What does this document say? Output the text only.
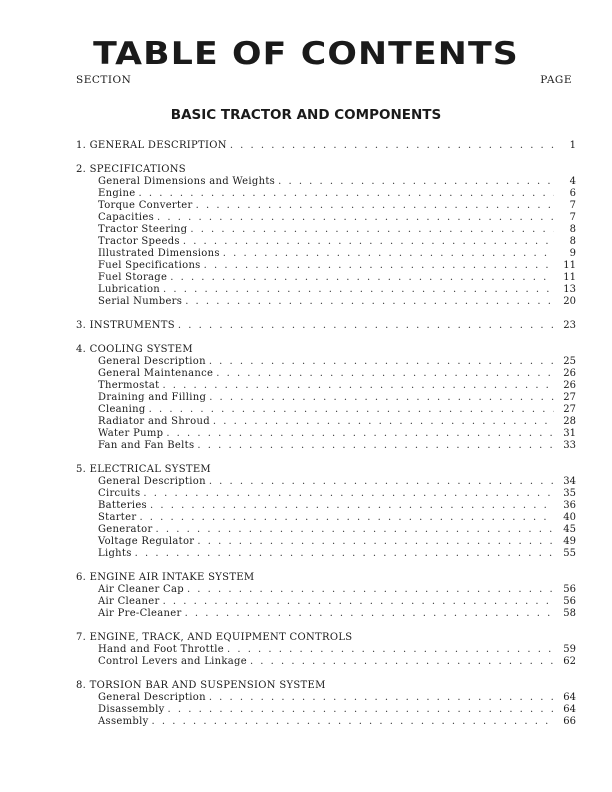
TABLE OF CONTENTS
SECTION	PAGE
BASIC TRACTOR AND COMPONENTS
1. GENERAL DESCRIPTION . . .	1
2. SPECIFICATIONS
General Dimensions and Weights . . .	4
Engine . . .	6
Torque Converter . . .	7
Capacities . . .	7
Tractor Steering . . .	8
Tractor Speeds . . .	8
Illustrated Dimensions . . .	9
Fuel Specifications . . .	11
Fuel Storage . . .	11
Lubrication . . .	13
Serial Numbers . . .	20
3. INSTRUMENTS . . .	23
4. COOLING SYSTEM
General Description . . .	25
General Maintenance . . .	26
Thermostat . . .	26
Draining and Filling . . .	27
Cleaning . . .	27
Radiator and Shroud . . .	28
Water Pump . . .	31
Fan and Fan Belts . . .	33
5. ELECTRICAL SYSTEM
General Description . . .	34
Circuits . . .	35
Batteries . . .	36
Starter . . .	40
Generator . . .	45
Voltage Regulator . . .	49
Lights . . .	55
6. ENGINE AIR INTAKE SYSTEM
Air Cleaner Cap . . .	56
Air Cleaner . . .	56
Air Pre-Cleaner . . .	58
7. ENGINE, TRACK, AND EQUIPMENT CONTROLS
Hand and Foot Throttle . . .	59
Control Levers and Linkage . . .	62
8. TORSION BAR AND SUSPENSION SYSTEM
General Description . . .	64
Disassembly . . .	64
Assembly . . .	66
